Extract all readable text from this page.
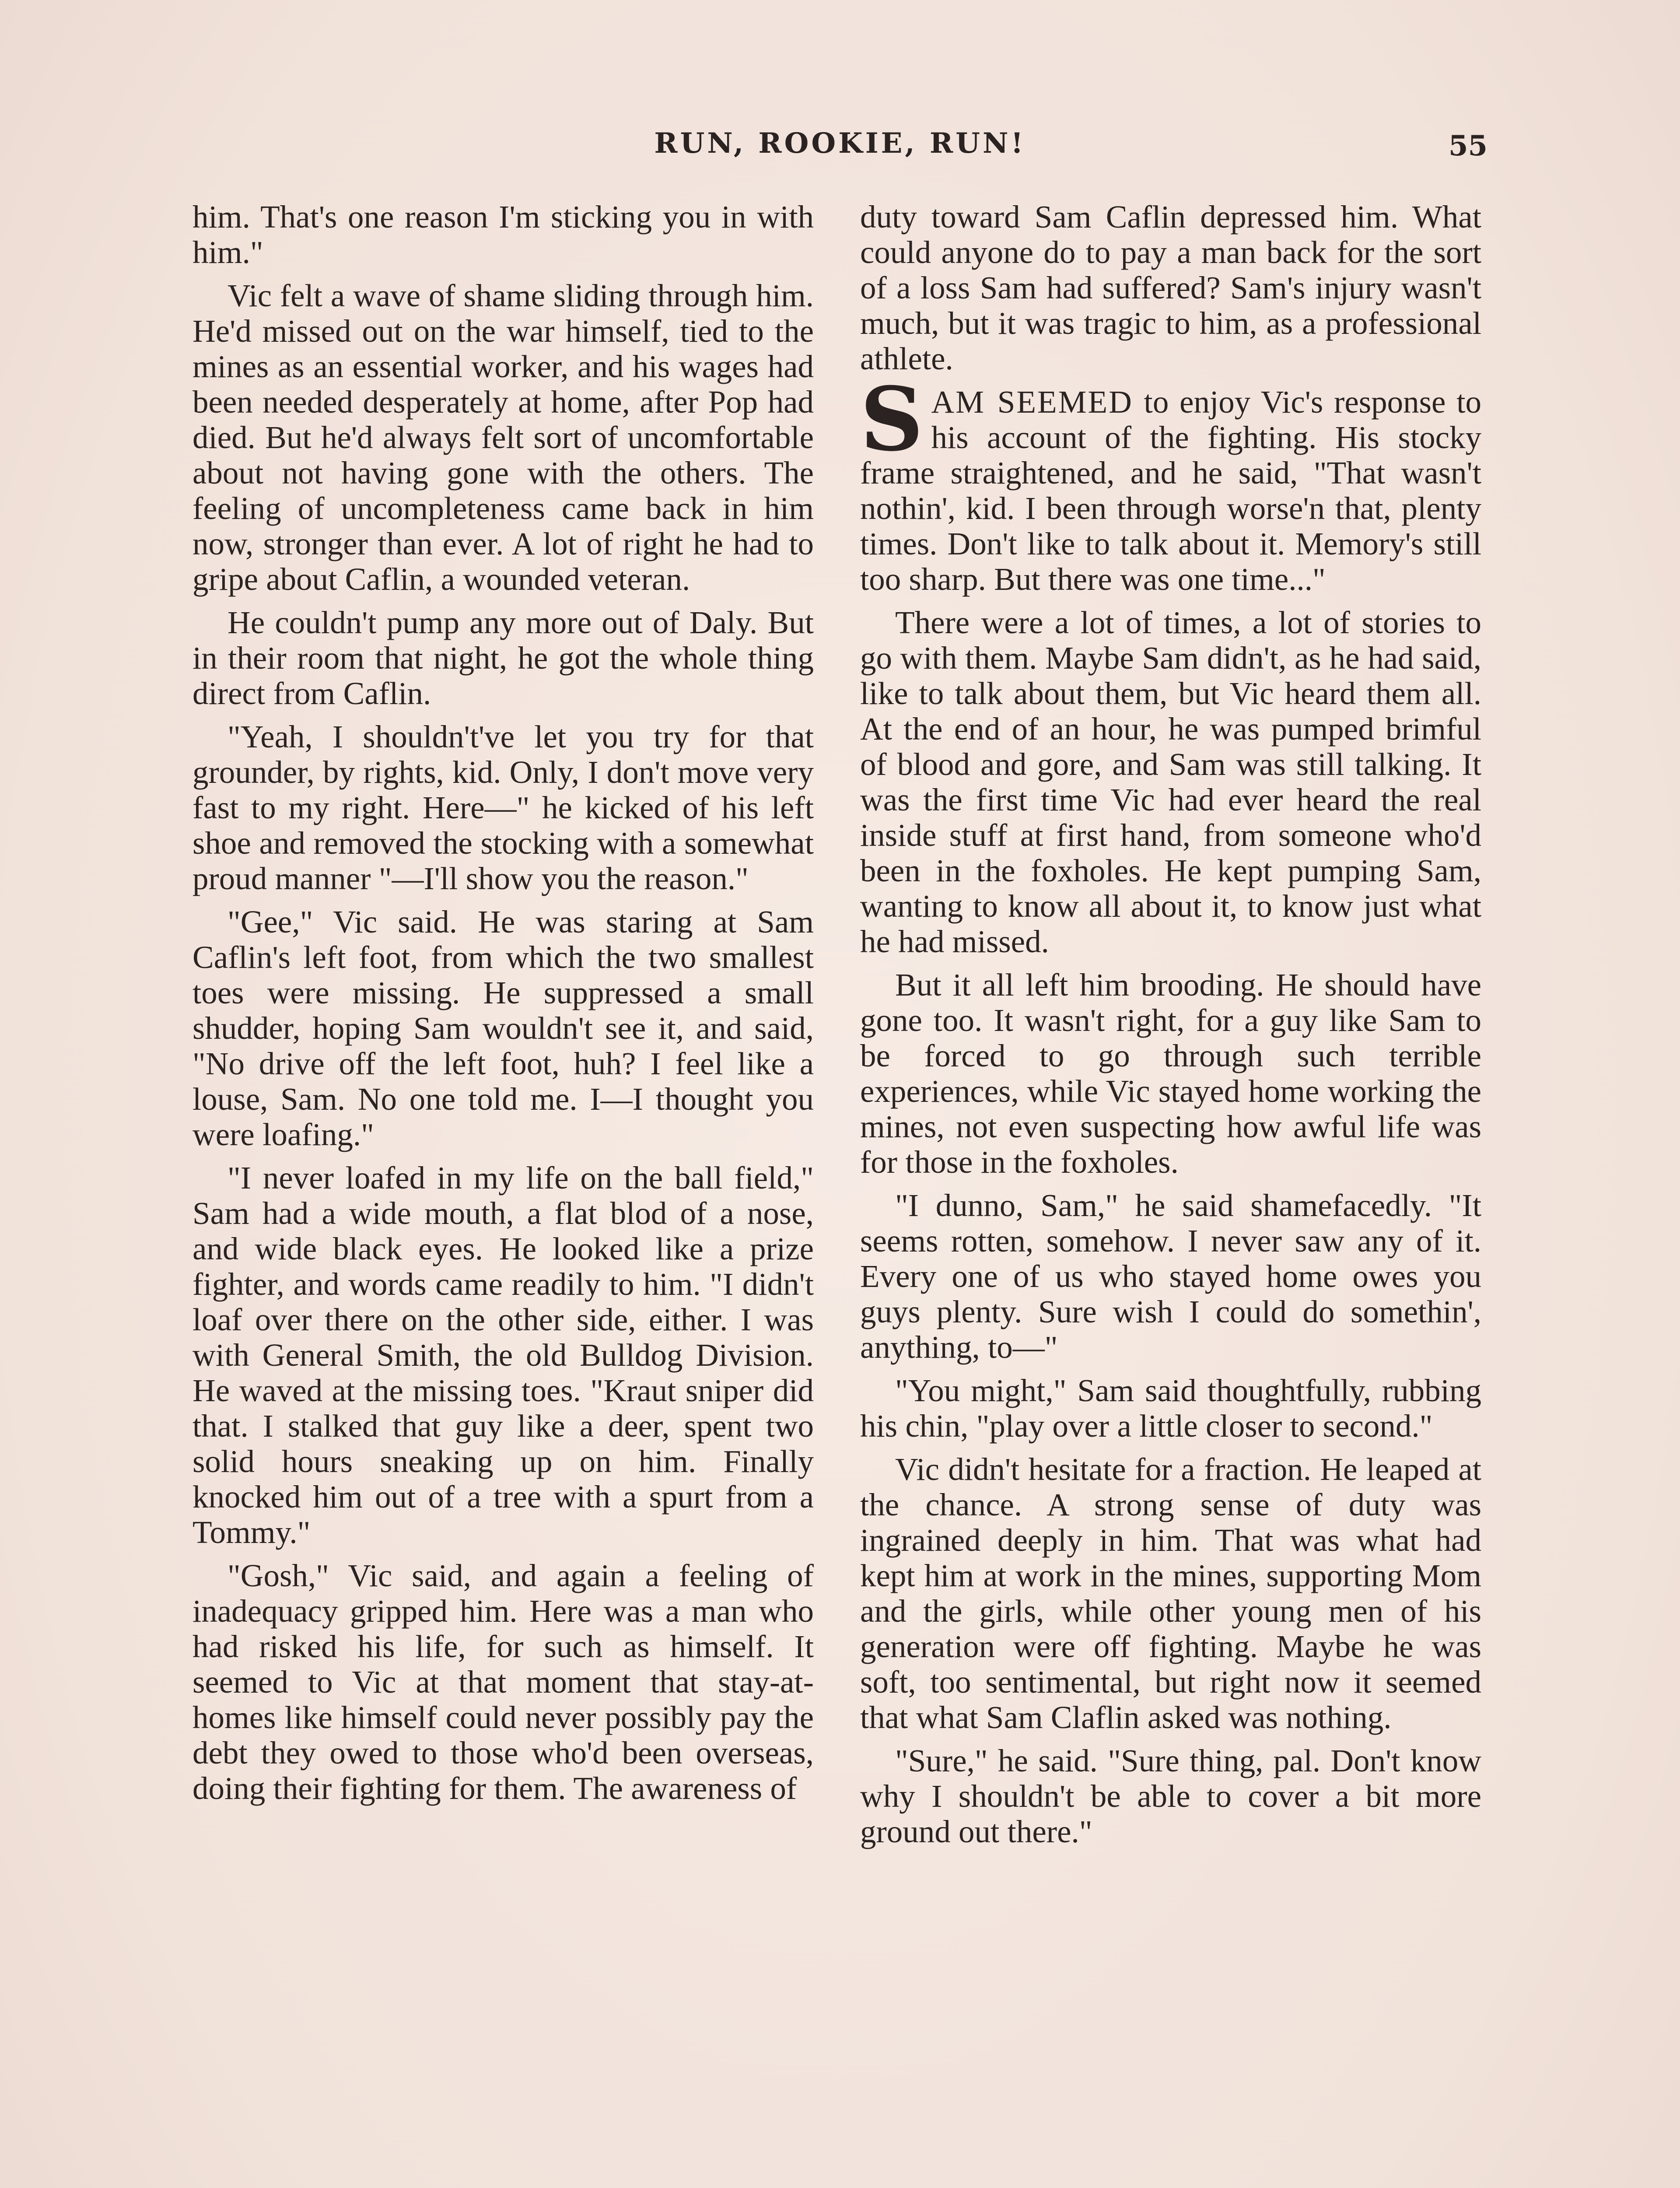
RUN, ROOKIE, RUN!	55

him. That's one reason I'm sticking you in with him."

Vic felt a wave of shame sliding through him. He'd missed out on the war himself, tied to the mines as an essential worker, and his wages had been needed desperately at home, after Pop had died. But he'd always felt sort of uncomfortable about not having gone with the others. The feeling of uncompleteness came back in him now, stronger than ever. A lot of right he had to gripe about Caflin, a wounded veteran.

He couldn't pump any more out of Daly. But in their room that night, he got the whole thing direct from Caflin.

"Yeah, I shouldn't've let you try for that grounder, by rights, kid. Only, I don't move very fast to my right. Here—" he kicked of his left shoe and removed the stocking with a somewhat proud manner "—I'll show you the reason."

"Gee," Vic said. He was staring at Sam Caflin's left foot, from which the two smallest toes were missing. He suppressed a small shudder, hoping Sam wouldn't see it, and said, "No drive off the left foot, huh? I feel like a louse, Sam. No one told me. I—I thought you were loafing."

"I never loafed in my life on the ball field," Sam had a wide mouth, a flat blod of a nose, and wide black eyes. He looked like a prize fighter, and words came readily to him. "I didn't loaf over there on the other side, either. I was with General Smith, the old Bulldog Division. He waved at the missing toes. "Kraut sniper did that. I stalked that guy like a deer, spent two solid hours sneaking up on him. Finally knocked him out of a tree with a spurt from a Tommy."

"Gosh," Vic said, and again a feeling of inadequacy gripped him. Here was a man who had risked his life, for such as himself. It seemed to Vic at that moment that stay-at-homes like himself could never possibly pay the debt they owed to those who'd been overseas, doing their fighting for them. The awareness of

duty toward Sam Caflin depressed him. What could anyone do to pay a man back for the sort of a loss Sam had suffered? Sam's injury wasn't much, but it was tragic to him, as a professional athlete.

SAM SEEMED to enjoy Vic's response to his account of the fighting. His stocky frame straightened, and he said, "That wasn't nothin', kid. I been through worse'n that, plenty times. Don't like to talk about it. Memory's still too sharp. But there was one time..."

There were a lot of times, a lot of stories to go with them. Maybe Sam didn't, as he had said, like to talk about them, but Vic heard them all. At the end of an hour, he was pumped brimful of blood and gore, and Sam was still talking. It was the first time Vic had ever heard the real inside stuff at first hand, from someone who'd been in the foxholes. He kept pumping Sam, wanting to know all about it, to know just what he had missed.

But it all left him brooding. He should have gone too. It wasn't right, for a guy like Sam to be forced to go through such terrible experiences, while Vic stayed home working the mines, not even suspecting how awful life was for those in the foxholes.

"I dunno, Sam," he said shamefacedly. "It seems rotten, somehow. I never saw any of it. Every one of us who stayed home owes you guys plenty. Sure wish I could do somethin', anything, to—"

"You might," Sam said thoughtfully, rubbing his chin, "play over a little closer to second."

Vic didn't hesitate for a fraction. He leaped at the chance. A strong sense of duty was ingrained deeply in him. That was what had kept him at work in the mines, supporting Mom and the girls, while other young men of his generation were off fighting. Maybe he was soft, too sentimental, but right now it seemed that what Sam Claflin asked was nothing.

"Sure," he said. "Sure thing, pal. Don't know why I shouldn't be able to cover a bit more ground out there."
